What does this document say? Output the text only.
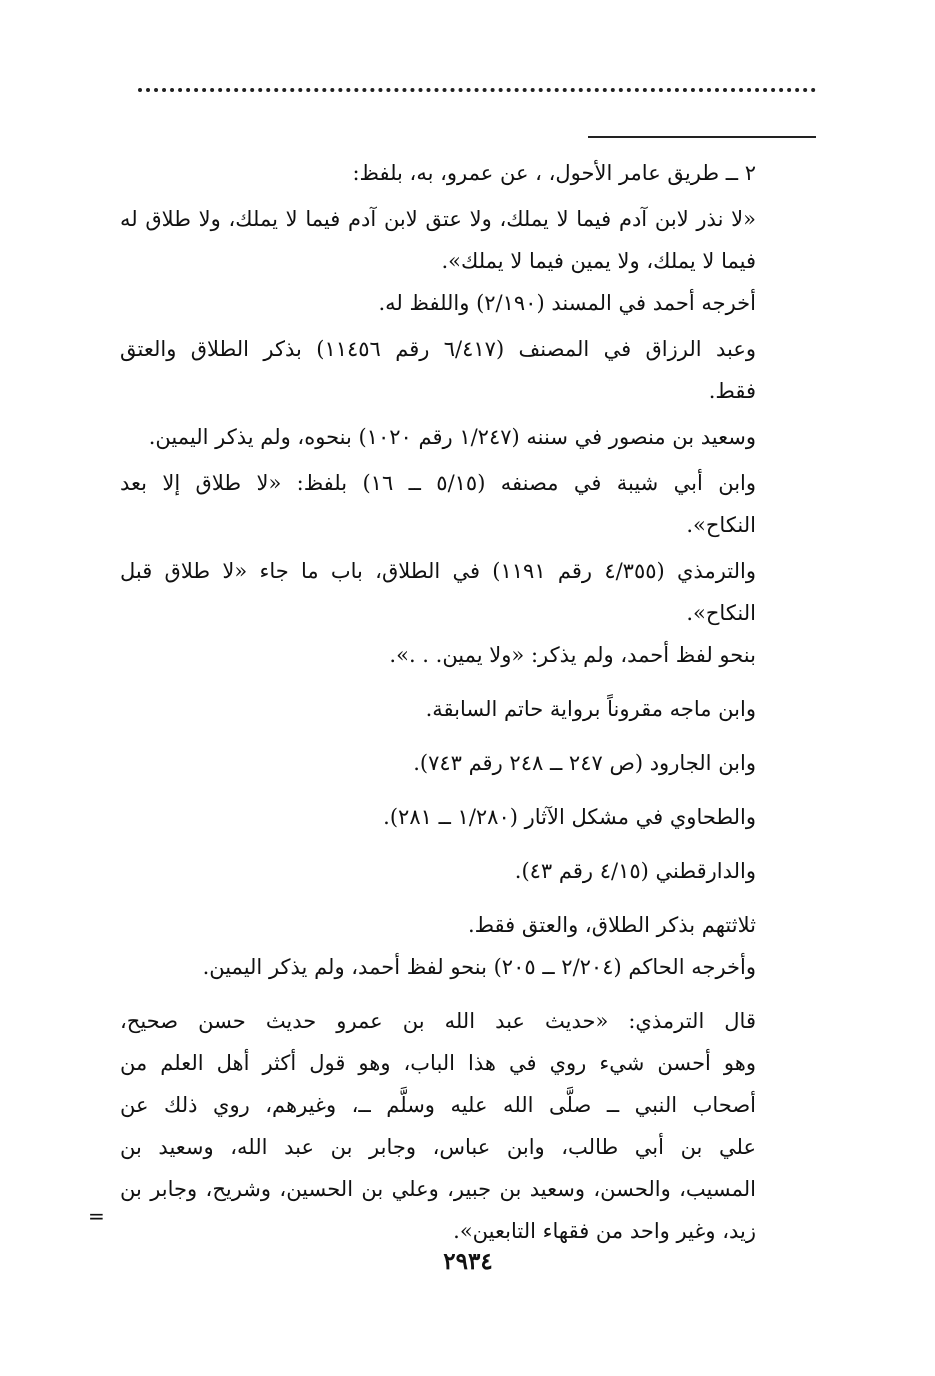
٢ ــ طريق عامر الأحول، ، عن عمرو، به، بلفظ:
«لا نذر لابن آدم فيما لا يملك، ولا عتق لابن آدم فيما لا يملك، ولا طلاق له
فيما لا يملك، ولا يمين فيما لا يملك».
أخرجه أحمد في المسند (٢/١٩٠) واللفظ له.
وعبد الرزاق في المصنف (٦/٤١٧ رقم ١١٤٥٦) بذكر الطلاق والعتق
فقط.
وسعيد بن منصور في سننه (١/٢٤٧ رقم ١٠٢٠) بنحوه، ولم يذكر اليمين.
وابن أبي شيبة في مصنفه (٥/١٥ ــ ١٦) بلفظ: «لا طلاق إلا بعد
النكاح».
والترمذي (٤/٣٥٥ رقم ١١٩١) في الطلاق، باب ما جاء «لا طلاق قبل
النكاح».
بنحو لفظ أحمد، ولم يذكر: «ولا يمين. . .».
وابن ماجه مقروناً برواية حاتم السابقة.
وابن الجارود (ص ٢٤٧ ــ ٢٤٨ رقم ٧٤٣).
والطحاوي في مشكل الآثار (١/٢٨٠ ــ ٢٨١).
والدارقطني (٤/١٥ رقم ٤٣).
ثلاثتهم بذكر الطلاق، والعتق فقط.
وأخرجه الحاكم (٢/٢٠٤ ــ ٢٠٥) بنحو لفظ أحمد، ولم يذكر اليمين.
قال الترمذي: «حديث عبد الله بن عمرو حديث حسن صحيح،
وهو أحسن شيء روي في هذا الباب، وهو قول أكثر أهل العلم من
أصحاب النبي ــ صلَّى الله عليه وسلَّم ــ، وغيرهم، روي ذلك عن
علي بن أبي طالب، وابن عباس، وجابر بن عبد الله، وسعيد بن
المسيب، والحسن، وسعيد بن جبير، وعلي بن الحسين، وشريح، وجابر بن
زيد، وغير واحد من فقهاء التابعين».
=
٢٩٣٤
